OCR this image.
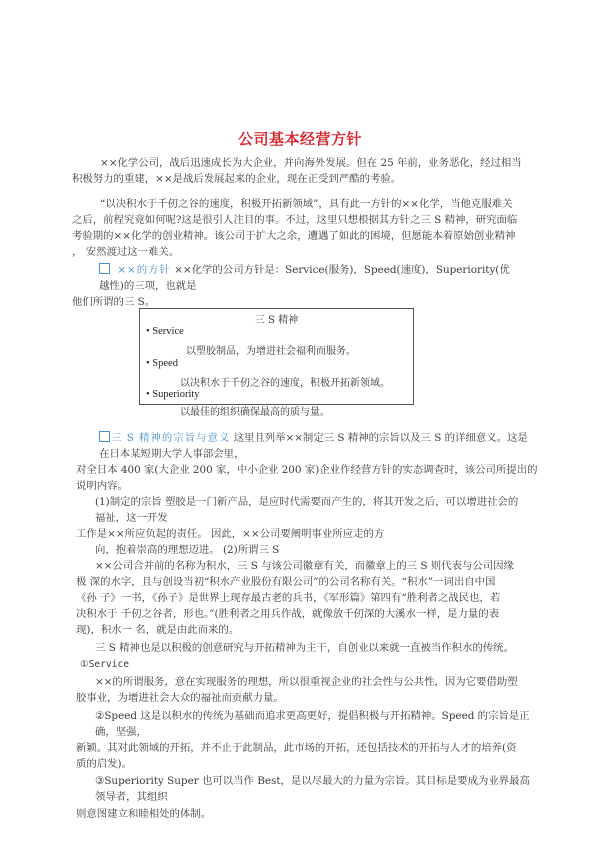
公司基本经营方针
××化学公司，战后迅速成长为大企业，并向海外发展。但在 25 年前，业务恶化，经过相当
积极努力的重建，××是战后发展起来的企业，现在正受到严酷的考验。
“以决积水于千仞之谷的速度，积极开拓新领域”，具有此一方针的××化学，当他克服难关
之后，前程究竟如何呢?这是很引人注目的事。不过，这里只想根据其方针之三 S 精神，研究面临
考验期的××化学的创业精神。该公司于扩大之余，遭遇了如此的困境，但愿能本着原始创业精神
， 安然渡过这一难关。
××的方针 ××化学的公司方针是：Service(服务)，Speed(速度)，Superiority(优
越性)的三项，也就是
他们所谓的三 S。
三 S 精神
• Service
以塑胶制品，为增进社会福利而服务。
• Speed
以决积水于千仞之谷的速度，积极开拓新领域。
• Superiority
以最佳的组织确保最高的质与量。
三 S 精神的宗旨与意义 这里且列举××制定三 S 精神的宗旨以及三 S 的详细意义。这是
在日本某短期大学人事部会里，
对全日本 400 家(大企业 200 家，中小企业 200 家)企业作经营方针的实态调查时，该公司所提出的
说明内容。
(1)制定的宗旨 塑胶是一门新产品，是应时代需要而产生的，将其开发之后，可以增进社会的
福祉，这一开发
工作是××所应负起的责任。 因此，××公司要阐明事业所应走的方
向，抱着崇高的理想迈进。 (2)所谓三 S
××公司合并前的名称为积水，三 S 与该公司徽章有关，而徽章上的三 S 则代表与公司因缘
极 深的水字，且与创设当初“积水产业股份有限公司”的公司名称有关。“积水”一词出自中国
《孙 子》一书，《孙子》是世界上现存最古老的兵书，《军形篇》第四有“胜利者之战民也，若
决积水于 千仞之谷者，形也。”(胜利者之用兵作战，就像放千仞深的大溪水一样，是力量的表
现)，积水一 名，就是由此而来的。
三 S 精神也是以积极的创意研究与开拓精神为主干，自创业以来就一直被当作积水的传统。
①Service
××的所谓服务，意在实现服务的理想，所以很重视企业的社会性与公共性，因为它要借助塑
胶事业，为增进社会大众的福祉而贡献力量。
②Speed 这是以积水的传统为基础而追求更高更好，提倡积极与开拓精神。Speed 的宗旨是正
确，坚强，
新颖。其对此领域的开拓，并不止于此制品，此市场的开拓，还包括技术的开拓与人才的培养(资
质的启发)。
③Superiority Super 也可以当作 Best，是以尽最大的力量为宗旨。其目标是要成为业界最高
领导者，其组织
则意图建立和睦相处的体制。
